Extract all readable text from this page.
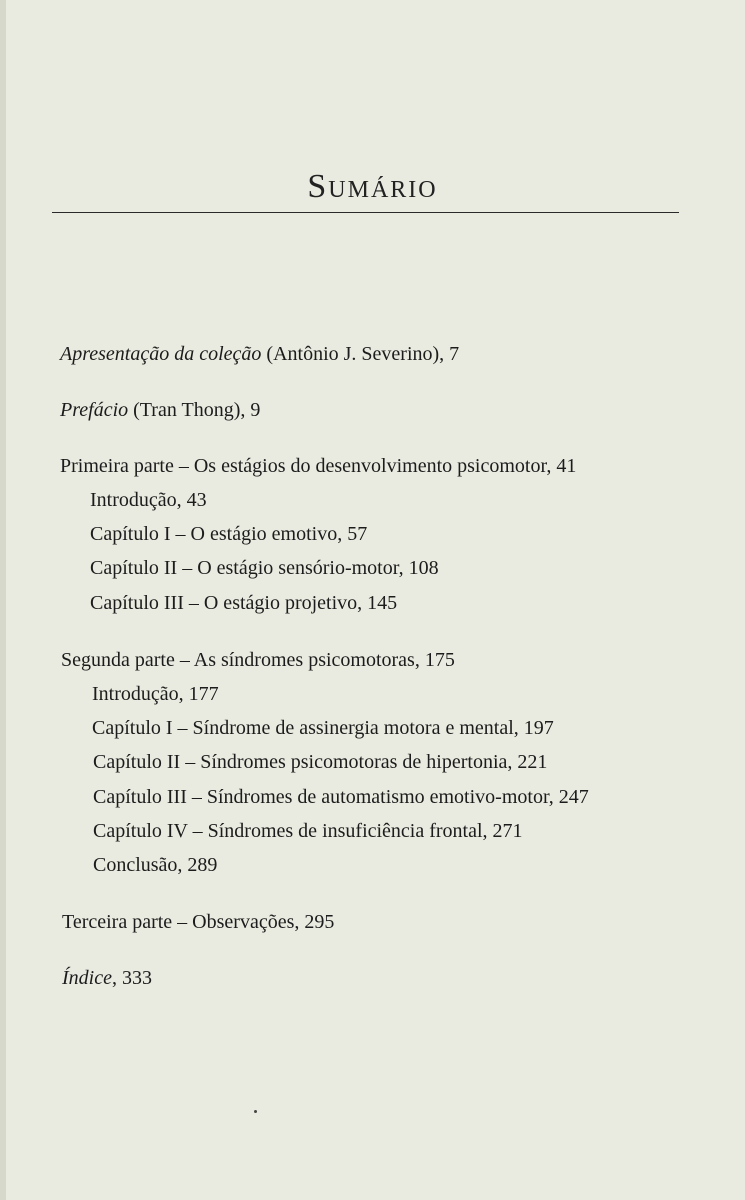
Sumário
Apresentação da coleção (Antônio J. Severino), 7
Prefácio (Tran Thong), 9
Primeira parte – Os estágios do desenvolvimento psicomotor, 41
Introdução, 43
Capítulo I – O estágio emotivo, 57
Capítulo II – O estágio sensório-motor, 108
Capítulo III – O estágio projetivo, 145
Segunda parte – As síndromes psicomotoras, 175
Introdução, 177
Capítulo I – Síndrome de assinergia motora e mental, 197
Capítulo II – Síndromes psicomotoras de hipertonia, 221
Capítulo III – Síndromes de automatismo emotivo-motor, 247
Capítulo IV – Síndromes de insuficiência frontal, 271
Conclusão, 289
Terceira parte – Observações, 295
Índice, 333
